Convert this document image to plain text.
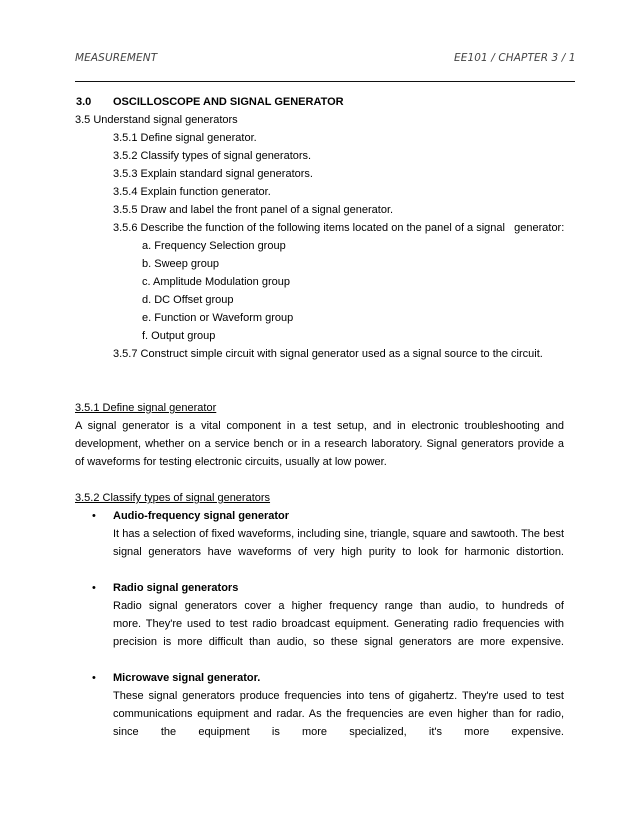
MEASUREMENT	EE101 / CHAPTER 3 / 1
3.0 OSCILLOSCOPE AND SIGNAL GENERATOR
3.5 Understand signal generators
3.5.1 Define signal generator.
3.5.2 Classify types of signal generators.
3.5.3 Explain standard signal generators.
3.5.4 Explain function generator.
3.5.5 Draw and label the front panel of a signal generator.
3.5.6 Describe the function of the following items located on the panel of a signal   generator:
a. Frequency Selection group
b. Sweep group
c. Amplitude Modulation group
d. DC Offset group
e. Function or Waveform group
f. Output group
3.5.7 Construct simple circuit with signal generator used as a signal source to the circuit.
3.5.1 Define signal generator
A signal generator is a vital component in a test setup, and in electronic troubleshooting and
development, whether on a service bench or in a research laboratory. Signal generators provide a
of waveforms for testing electronic circuits, usually at low power.
3.5.2 Classify types of signal generators
• Audio-frequency signal generator
It has a selection of fixed waveforms, including sine, triangle, square and sawtooth. The best
signal generators have waveforms of very high purity to look for harmonic distortion.
• Radio signal generators
Radio signal generators cover a higher frequency range than audio, to hundreds of
more. They're used to test radio broadcast equipment. Generating radio frequencies with
precision is more difficult than audio, so these signal generators are more expensive.
• Microwave signal generator.
These signal generators produce frequencies into tens of gigahertz. They're used to test
communications equipment and radar. As the frequencies are even higher than for radio,
since the equipment is more specialized, it's more expensive.
